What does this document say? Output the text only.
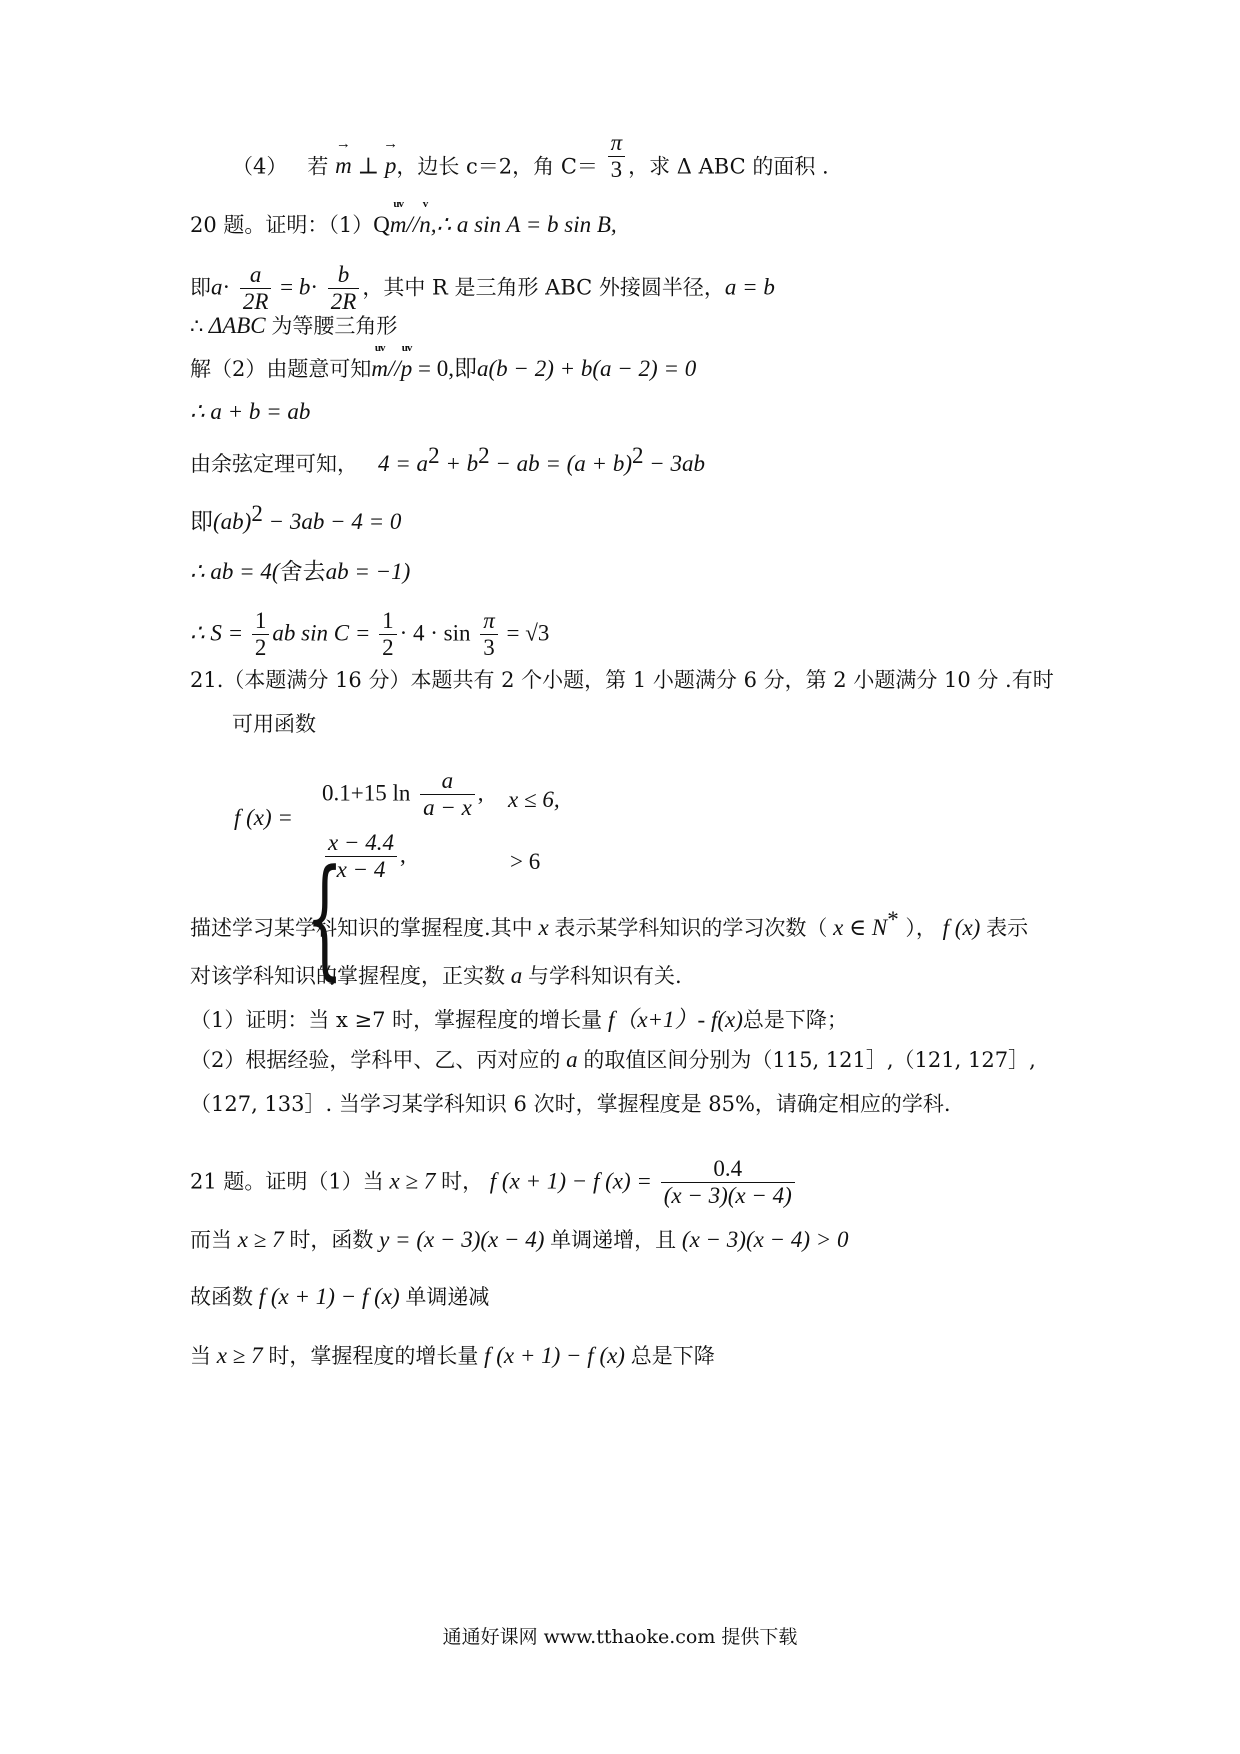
（4） 若 → m ⊥ → p，边长 c＝2，角 $C= \frac{\pi}{3}$ ，求 Δ ABC 的面积 .
20 题。证明：（1）Q
uv
m//
v
n,∴ a sin A = b sin B,
即$a\cdot \frac{a}{2R} = b\cdot \frac{b}{2R}$ ，其中 R 是三角形 ABC 外接圆半径，a = b
∴ ΔABC 为等腰三角形
解（2）由题意可知
uv
m//
uv
p = 0,即a(b − 2) + b(a − 2) = 0
∴ a + b = ab
由余弦定理可知， $4 = a^2 + b^2$ − ab = $(a + b)^2 - 3ab$
即(ab)$^2$ − 3ab − 4 = 0
∴ ab = 4(舍去ab = −1)
∴ $S = \frac{1}{2}$ ab $\sin C = \frac{1}{2} \cdot 4 \cdot \sin \frac{\pi}{3} = √3$
21.（本题满分 16 分）本题共有 2 个小题，第 1 小题满分 6 分，第 2 小题满分 10 分 .有时
可用函数
f (x) =
{
0.1+15 $\ln \frac{a}{a - x}$ , x ≤ 6,
$\frac{x - 4.4}{x - 4}$ ,	> 6
描述学习某学科知识的掌握程度.其中 x 表示某学科知识的学习次数（ x ∈ N* ）， f (x) 表示
对该学科知识的掌握程度，正实数 a 与学科知识有关.
（1）证明：当 x ≥7 时，掌握程度的增长量 f（x+1）- f(x)总是下降；
（2）根据经验，学科甲、乙、丙对应的 a 的取值区间分别为（115, 121］,（121, 127］,
（127, 133］. 当学习某学科知识 6 次时，掌握程度是 85%，请确定相应的学科.
21 题。证明（1）当 x ≥ 7 时， f (x + 1) − f $(x) = \frac{0.4}{(x - 3)(x - 4)}$
而当 x ≥ 7 时，函数 y = (x − 3)(x − 4) 单调递增，且 (x − 3)(x − 4) > 0
故函数 f (x + 1) − f (x) 单调递减
当 x ≥ 7 时，掌握程度的增长量 f (x + 1) − f (x) 总是下降
通通好课网 www.tthaoke.com 提供下载
